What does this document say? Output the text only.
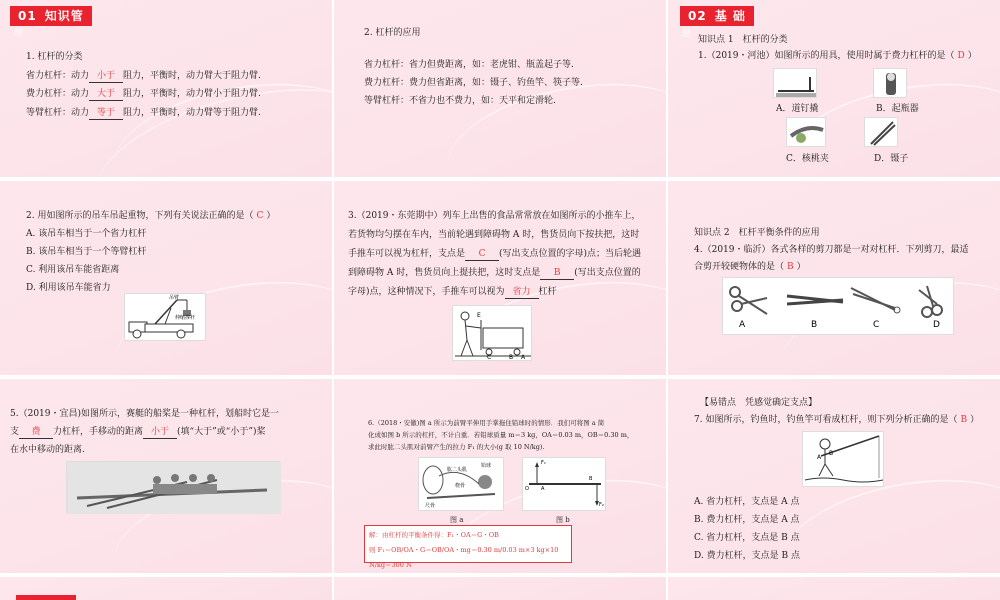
01 知识管
理
1. 杠杆的分类
省力杠杆：动力 小于 阻力，平衡时，动力臂大于阻力臂.
费力杠杆：动力 大于 阻力，平衡时，动力臂小于阻力臂.
等臂杠杆：动力 等于 阻力，平衡时，动力臂等于阻力臂.
2. 杠杆的应用
省力杠杆：省力但费距离，如：老虎钳、瓶盖起子等.
费力杠杆：费力但省距离，如：镊子、钓鱼竿、筷子等.
等臂杠杆：不省力也不费力，如：天平和定滑轮.
02 基 础
题
知识点 1　杠杆的分类
1.（2019・河池）如图所示的用具，使用时属于费力杠杆的是（ D ）
A．道钉撬	B．起瓶器
C．核桃夹	D．镊子
2. 用如图所示的吊车吊起重物，下列有关说法正确的是（ C ）
A. 该吊车相当于一个省力杠杆
B. 该吊车相当于一个等臂杠杆
C. 利用该吊车能省距离
D. 利用该吊车能省力
吊臂
伸缩撑杆
3.（2019・东莞期中）列车上出售的食品常常放在如图所示的小推车上，
若货物均匀摆在车内，当前轮遇到障碍物 A 时，售货员向下按扶把，这时
手推车可以视为杠杆，支点是 C (写出支点位置的字母)点；当后轮遇
到障碍物 A 时，售货员向上提扶把，这时支点是 B (写出支点位置的
字母)点，这种情况下，手推车可以视为 省力 杠杆
E
C	B A
知识点 2　杠杆平衡条件的应用
4.（2019・临沂）各式各样的剪刀都是一对对杠杆．下列剪刀，最适
合剪开较硬物体的是（ B ）
A	B	C	D
5.（2019・宜昌)如图所示，赛艇的船桨是一种杠杆，划船时它是一
支 费 力杠杆，手移动的距离 小于 (填“大于”或“小于”)桨
在水中移动的距离.
6.（2018・安徽)图 a 所示为前臂平伸用手掌拖住铅球时的情形．我们可将图 a 简
化成如图 b 所示的杠杆，不计自重．若铅球质量 m＝3 kg，OA＝0.03 m，OB＝0.30 m，
求此时肱二头肌对前臂产生的拉力 F₁ 的大小(g 取 10 N/kg).
肱二头肌
铅球
桡骨
尺骨
F₁
O A
B
F₂
图 a	图 b
解：由杠杆的平衡条件得：F₁・OA＝G・OB
则 F₁＝OB/OA・G＝OB/OA・mg＝0.30 m/0.03 m×3 kg×10 N/kg＝300 N
【易错点　凭感觉确定支点】
7. 如图所示，钓鱼时，钓鱼竿可看成杠杆，则下列分析正确的是（ B ）
B
A
A. 省力杠杆，支点是 A 点
B. 费力杠杆，支点是 A 点
C. 省力杠杆，支点是 B 点
D. 费力杠杆，支点是 B 点
